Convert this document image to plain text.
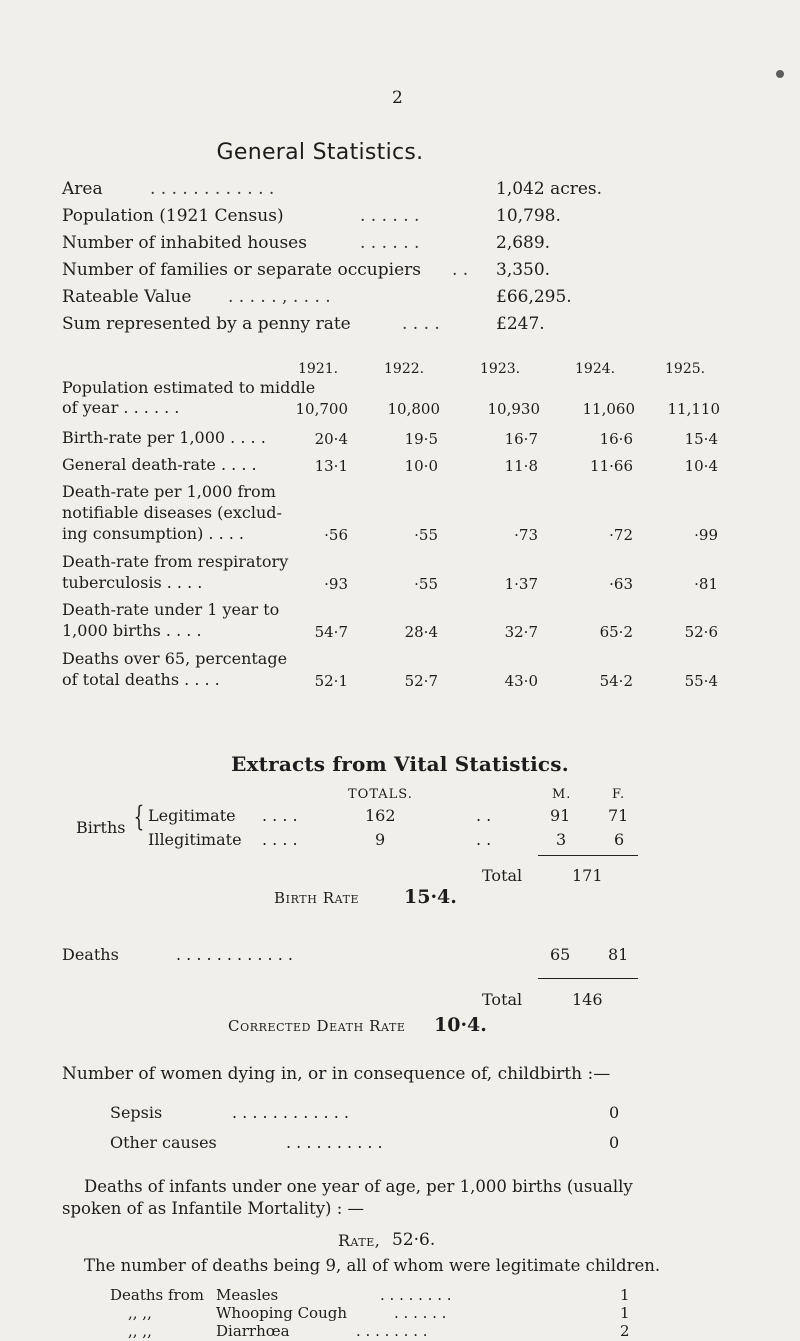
2
General Statistics.
Area	. . . . . . . . . . . .	1,042 acres.
Population (1921 Census)	. . . . . .	10,798.
Number of inhabited houses	. . . . . .	2,689.
Number of families or separate occupiers . . 3,350.
Rateable Value . . . . . , . . . .	£66,295.
Sum represented by a penny rate	. . . .	£247.
1921.	1922.	1923.	1924.	1925.
Population estimated to middle
of year . . . . . .	10,700	10,800	10,930	11,060	11,110
Birth-rate per 1,000 . . . .	20·4	19·5	16·7	16·6	15·4
General death-rate . . . .	13·1	10·0	11·8	11·66	10·4
Death-rate per 1,000 from
notifiable diseases (exclud-
ing consumption) . . . .	·56	·55	·73	·72	·99
Death-rate from respiratory
tuberculosis . . . .	·93	·55	1·37	·63	·81
Death-rate under 1 year to
1,000 births . . . .	54·7	28·4	32·7	65·2	52·6
Deaths over 65, percentage
of total deaths . . . .	52·1	52·7	43·0	54·2	55·4
Extracts from Vital Statistics.
TOTALS.	M.	F.
Births { Legitimate . . . .	162	. .	91 71
Illegitimate . . . .	9	. .	3	6
Total	171
Birth Rate 15·4.
Deaths	. . . . . . . . . . . .	65 81
Total	146
Corrected Death Rate 10·4.
Number of women dying in, or in consequence of, childbirth :—
Sepsis	. . . . . . . . . . . .	0
Other causes	. . . . . . . . . .	0
Deaths of infants under one year of age, per 1,000 births (usually
spoken of as Infantile Mortality) : —
Rate, 52·6.
The number of deaths being 9, all of whom were legitimate children.
Deaths from Measles	. . . . . . . .	1
,, ,,	Whooping Cough	. . . . . .	1
,, ,,	Diarrhœa	. . . . . . . .	2
